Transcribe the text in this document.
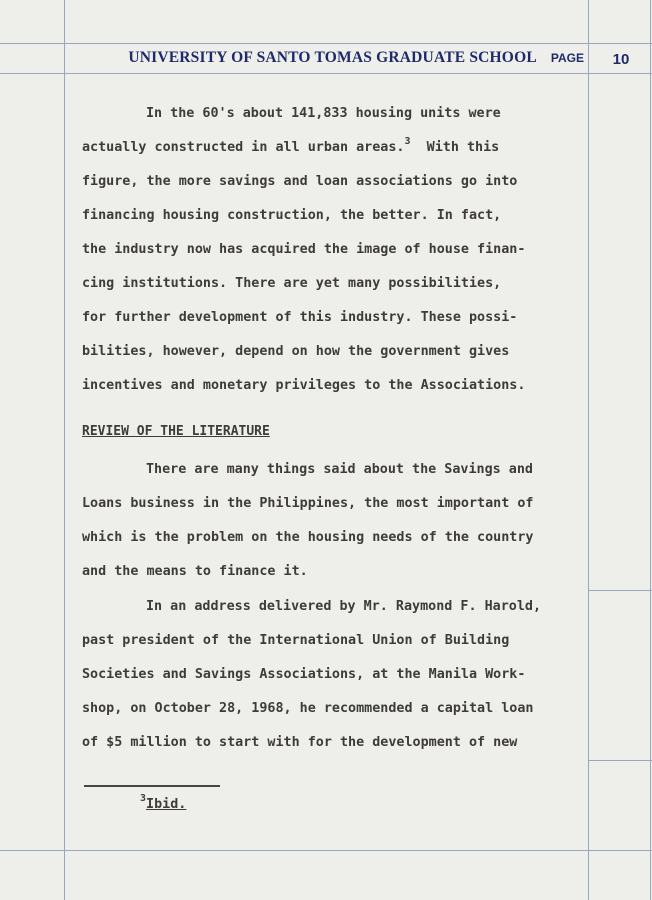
UNIVERSITY OF SANTO TOMAS GRADUATE SCHOOL PAGE	10
In the 60's about 141,833 housing units were
actually constructed in all urban areas.$^3$ With this
figure, the more savings and loan associations go into
financing housing construction, the better. In fact,
the industry now has acquired the image of house finan-
cing institutions. There are yet many possibilities,
for further development of this industry. These possi-
bilities, however, depend on how the government gives
incentives and monetary privileges to the Associations.
REVIEW OF THE LITERATURE
There are many things said about the Savings and
Loans business in the Philippines, the most important of
which is the problem on the housing needs of the country
and the means to finance it.
In an address delivered by Mr. Raymond F. Harold,
past president of the International Union of Building
Societies and Savings Associations, at the Manila Work-
shop, on October 28, 1968, he recommended a capital loan
of $5 million to start with for the development of new
$^3$Ibid.
